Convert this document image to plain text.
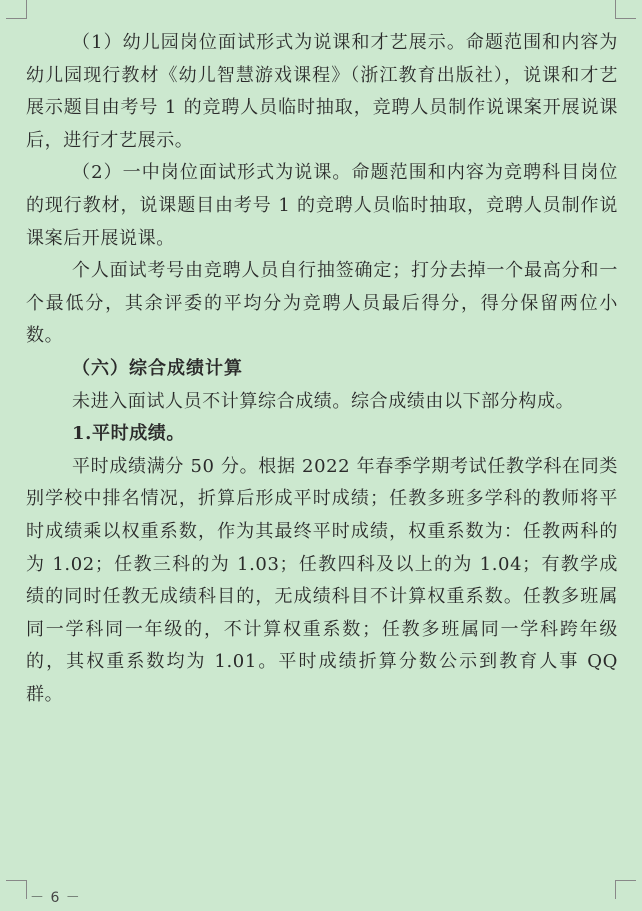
（1）幼儿园岗位面试形式为说课和才艺展示。命题范围和内容为幼儿园现行教材《幼儿智慧游戏课程》（浙江教育出版社），说课和才艺展示题目由考号 1 的竞聘人员临时抽取，竞聘人员制作说课案开展说课后，进行才艺展示。

（2）一中岗位面试形式为说课。命题范围和内容为竞聘科目岗位的现行教材，说课题目由考号 1 的竞聘人员临时抽取，竞聘人员制作说课案后开展说课。

个人面试考号由竞聘人员自行抽签确定；打分去掉一个最高分和一个最低分，其余评委的平均分为竞聘人员最后得分，得分保留两位小数。

（六）综合成绩计算

未进入面试人员不计算综合成绩。综合成绩由以下部分构成。

1.平时成绩。

平时成绩满分 50 分。根据 2022 年春季学期考试任教学科在同类别学校中排名情况，折算后形成平时成绩；任教多班多学科的教师将平时成绩乘以权重系数，作为其最终平时成绩，权重系数为：任教两科的为 1.02；任教三科的为 1.03；任教四科及以上的为 1.04；有教学成绩的同时任教无成绩科目的，无成绩科目不计算权重系数。任教多班属同一学科同一年级的，不计算权重系数；任教多班属同一学科跨年级的，其权重系数均为 1.01。平时成绩折算分数公示到教育人事 QQ 群。

－ 6 －
